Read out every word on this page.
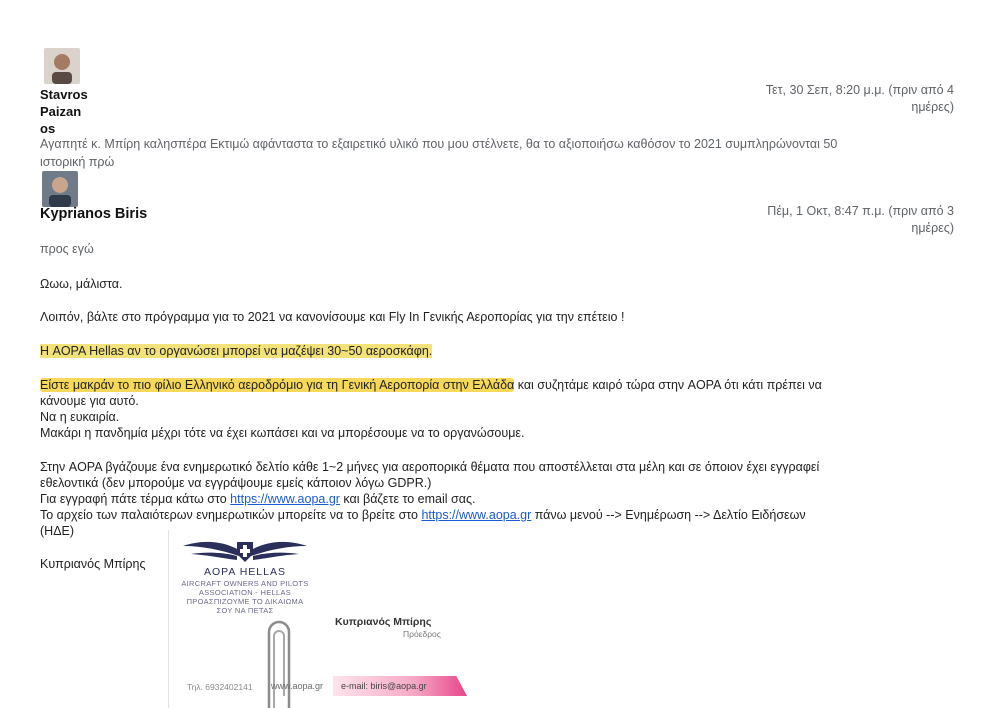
Stavros
Paizan
os
Τετ, 30 Σεπ, 8:20 μ.μ. (πριν από 4
ημέρες)
Αγαπητέ κ. Μπίρη καλησπέρα Εκτιμώ αφάνταστα το εξαιρετικό υλικό που μου στέλνετε, θα το αξιοποιήσω καθόσον το 2021 συμπληρώνονται 50
ιστορική πρώ
Kyprianos Biris	Πέμ, 1 Οκτ, 8:47 π.μ. (πριν από 3
ημέρες)
προς εγώ
Ωωω, μάλιστα.
Λοιπόν, βάλτε στο πρόγραμμα για το 2021 να κανονίσουμε και Fly In Γενικής Αεροπορίας για την επέτειο !
Η AOPA Hellas αν το οργανώσει μπορεί να μαζέψει 30~50 αεροσκάφη.
Είστε μακράν το πιο φίλιο Ελληνικό αεροδρόμιο για τη Γενική Αεροπορία στην Ελλάδα και συζητάμε καιρό τώρα στην AOPA ότι κάτι πρέπει να
κάνουμε για αυτό.
Να η ευκαιρία.
Μακάρι η πανδημία μέχρι τότε να έχει κωπάσει και να μπορέσουμε να το οργανώσουμε.
Στην AOPA βγάζουμε ένα ενημερωτικό δελτίο κάθε 1~2 μήνες για αεροπορικά θέματα που αποστέλλεται στα μέλη και σε όποιον έχει εγγραφεί
εθελοντικά (δεν μπορούμε να εγγράψουμε εμείς κάποιον λόγω GDPR.)
Για εγγραφή πάτε τέρμα κάτω στο https://www.aopa.gr και βάζετε το email σας.
Το αρχείο των παλαιότερων ενημερωτικών μπορείτε να το βρείτε στο https://www.aopa.gr πάνω μενού --> Ενημέρωση --> Δελτίο Ειδήσεων
(ΗΔΕ)
Κυπριανός Μπίρης
AOPA HELLAS
AIRCRAFT OWNERS AND PILOTS
ASSOCIATION - HELLAS
ΠΡΟΑΣΠΙΖΟΥΜΕ ΤΟ ΔΙΚΑΙΩΜΑ
ΣΟΥ ΝΑ ΠΕΤΑΣ
Κυπριανός Μπίρης
Πρόεδρος
Τηλ. 6932402141 www.aopa.gr e-mail: biris@aopa.gr
